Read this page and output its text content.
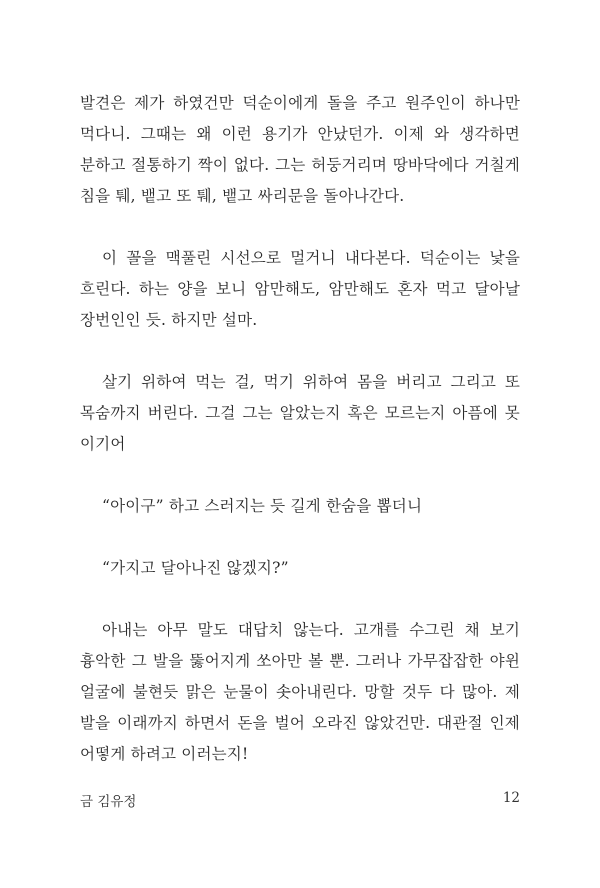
발견은 제가 하였건만 덕순이에게 돌을 주고 원주인이 하나만 먹다니. 그때는 왜 이런 용기가 안났던가. 이제 와 생각하면 분하고 절통하기 짝이 없다. 그는 허둥거리며 땅바닥에다 거칠게 침을 퉤, 뱉고 또 퉤, 뱉고 싸리문을 돌아나간다.

이 꼴을 맥풀린 시선으로 멀거니 내다본다. 덕순이는 낯을 흐린다. 하는 양을 보니 암만해도, 암만해도 혼자 먹고 달아날 장번인인 듯. 하지만 설마.

살기 위하여 먹는 걸, 먹기 위하여 몸을 버리고 그리고 또 목숨까지 버린다. 그걸 그는 알았는지 혹은 모르는지 아픔에 못 이기어

“아이구” 하고 스러지는 듯 길게 한숨을 뽑더니

“가지고 달아나진 않겠지?”

아내는 아무 말도 대답치 않는다. 고개를 수그린 채 보기 흉악한 그 발을 뚫어지게 쏘아만 볼 뿐. 그러나 가무잡잡한 야윈 얼굴에 불현듯 맑은 눈물이 솟아내린다. 망할 것두 다 많아. 제 발을 이래까지 하면서 돈을 벌어 오라진 않았건만. 대관절 인제 어떻게 하려고 이러는지!

금 김유정	12
